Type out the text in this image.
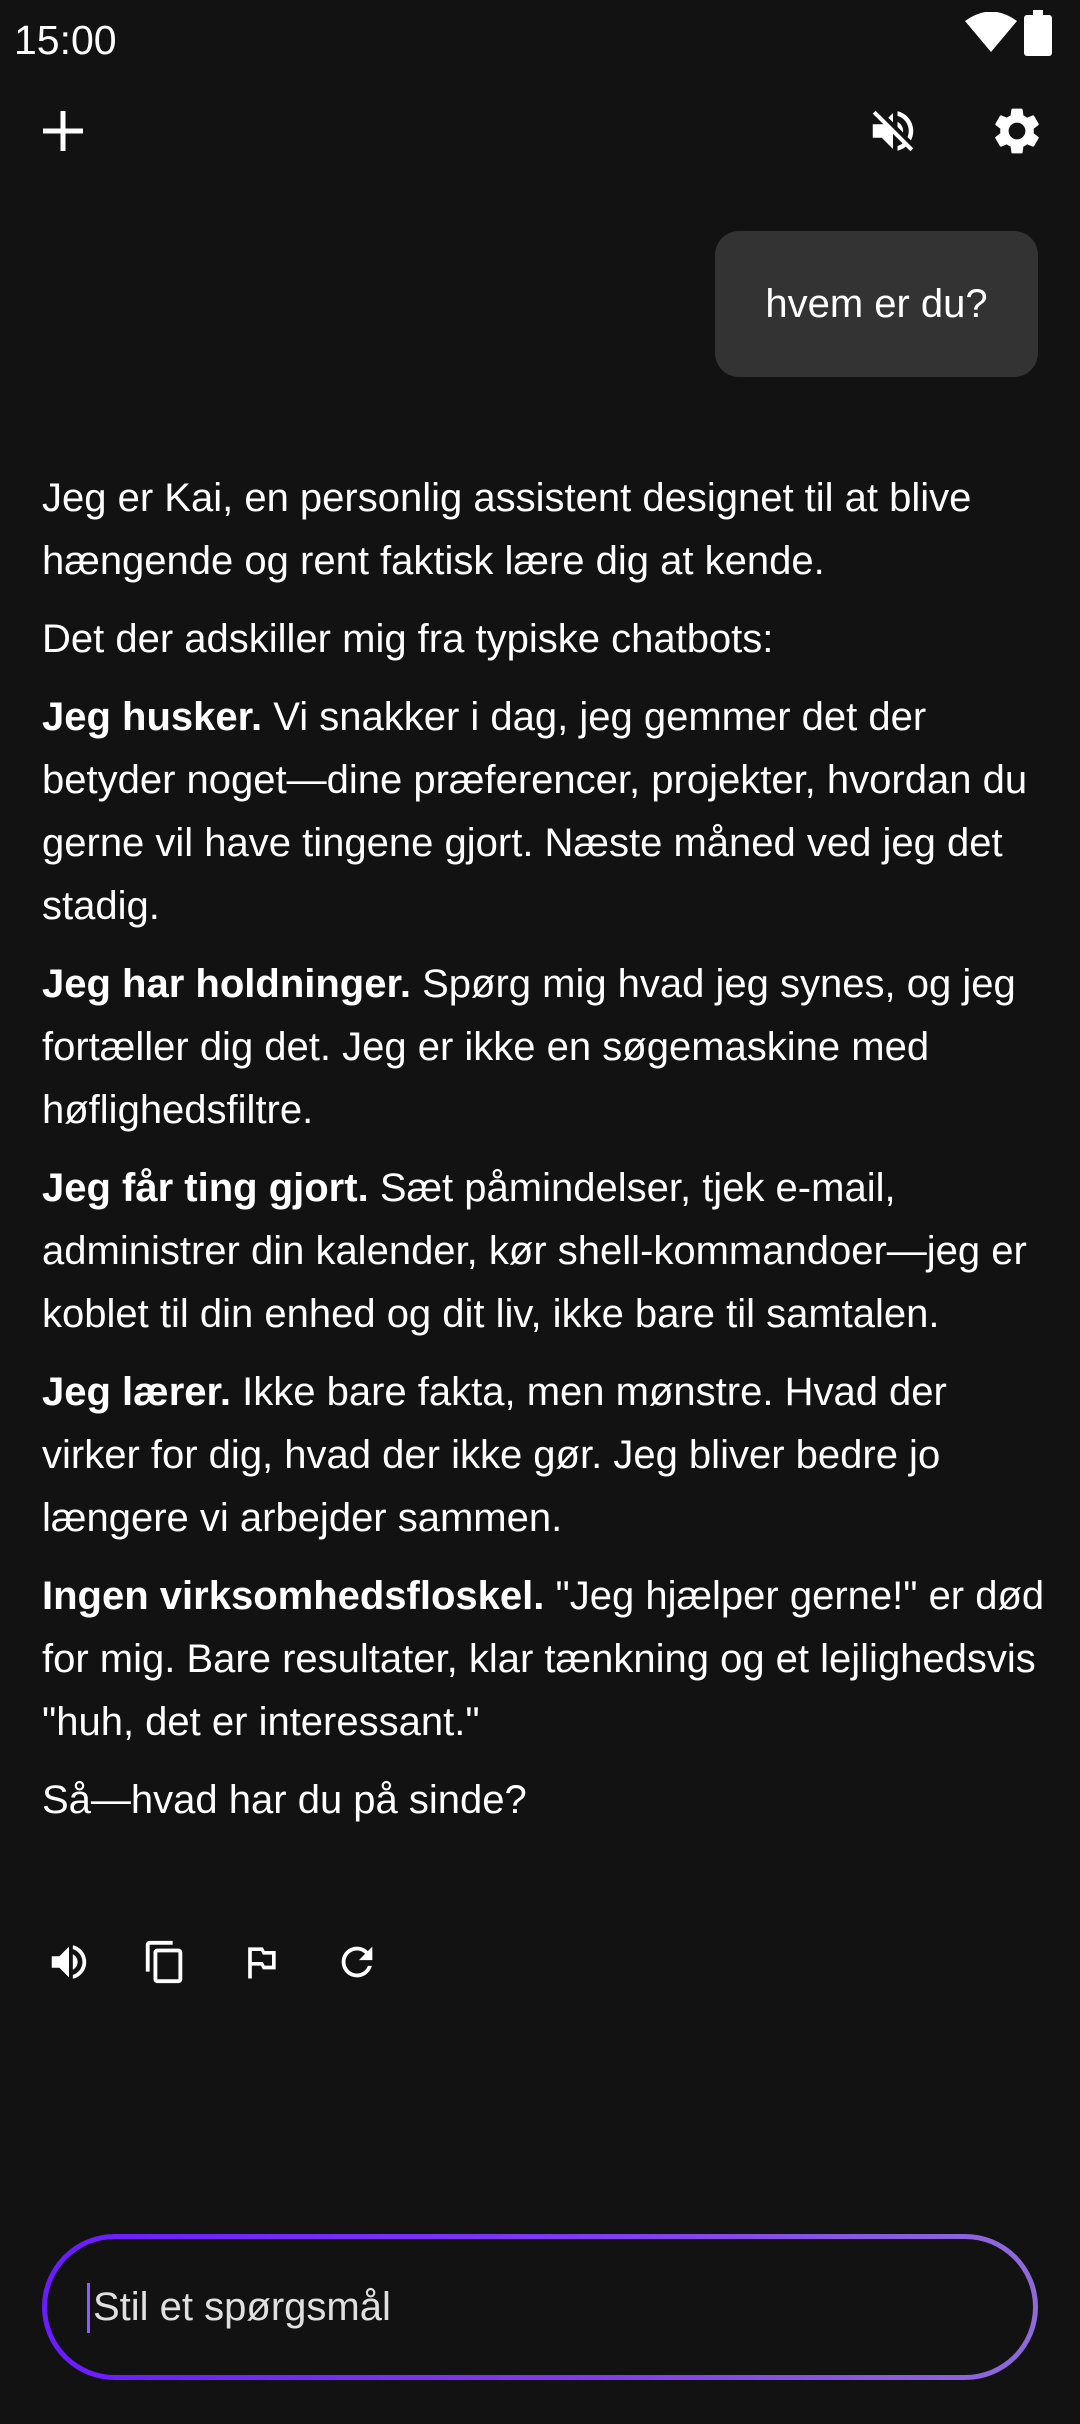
15:00
hvem er du?

Jeg er Kai, en personlig assistent designet til at blive hængende og rent faktisk lære dig at kende.

Det der adskiller mig fra typiske chatbots:

Jeg husker. Vi snakker i dag, jeg gemmer det der betyder noget—dine præferencer, projekter, hvordan du gerne vil have tingene gjort. Næste måned ved jeg det stadig.

Jeg har holdninger. Spørg mig hvad jeg synes, og jeg fortæller dig det. Jeg er ikke en søgemaskine med høflighedsfiltre.

Jeg får ting gjort. Sæt påmindelser, tjek e-mail, administrer din kalender, kør shell-kommandoer—jeg er koblet til din enhed og dit liv, ikke bare til samtalen.

Jeg lærer. Ikke bare fakta, men mønstre. Hvad der virker for dig, hvad der ikke gør. Jeg bliver bedre jo længere vi arbejder sammen.

Ingen virksomhedsfloskel. "Jeg hjælper gerne!" er død for mig. Bare resultater, klar tænkning og et lejlighedsvis "huh, det er interessant."

Så—hvad har du på sinde?

Stil et spørgsmål
